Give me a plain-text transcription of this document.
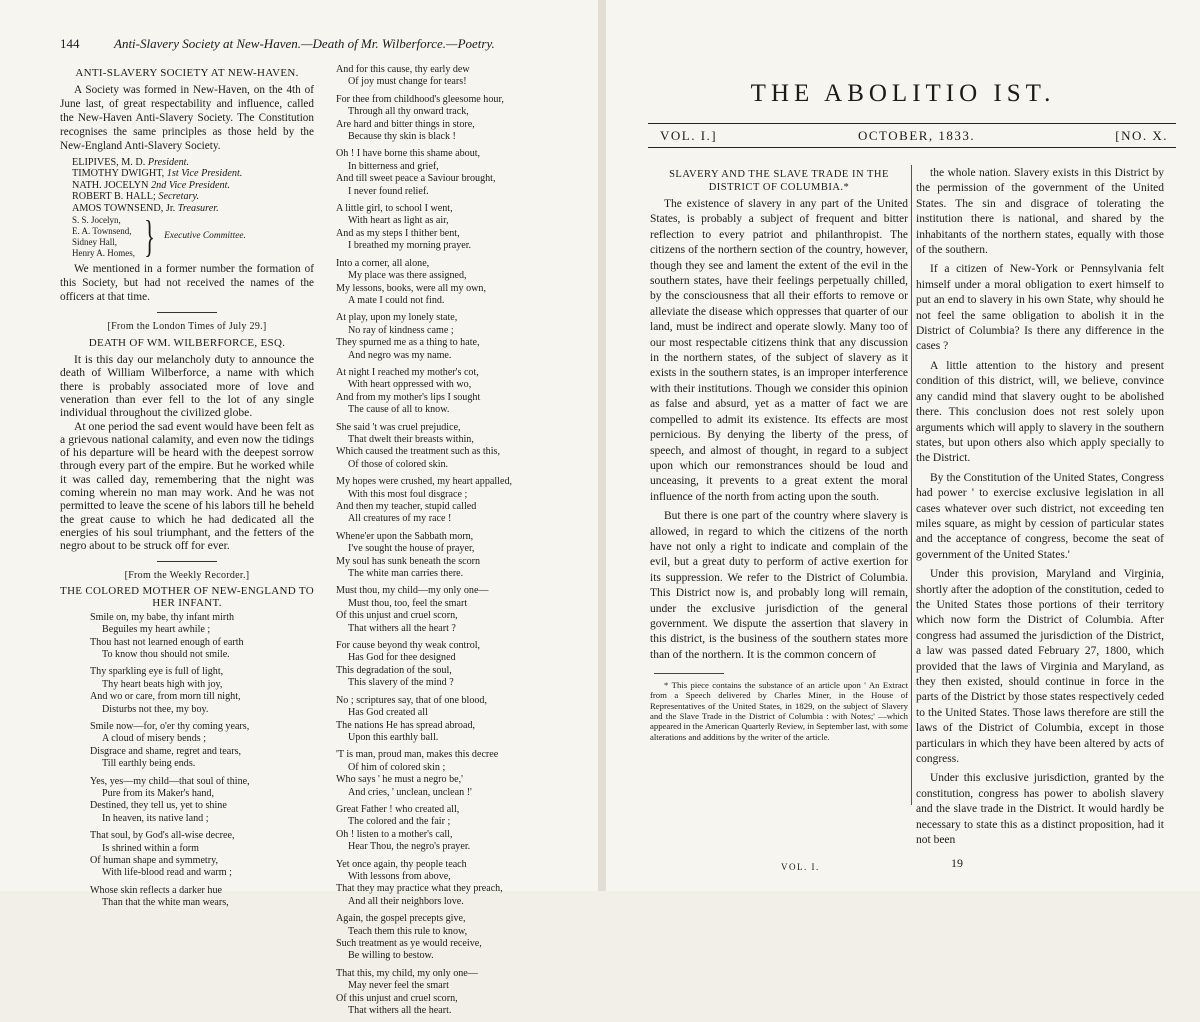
144	Anti-Slavery Society at New-Haven.—Death of Mr. Wilberforce.—Poetry.
ANTI-SLAVERY SOCIETY AT NEW-HAVEN.

A Society was formed in New-Haven, on the 4th of June last, of great respectability and influence, called the New-Haven Anti-Slavery Society. The Constitution recognises the same principles as those held by the New-England Anti-Slavery Society.

ELIPIVES, M. D. President.
TIMOTHY DWIGHT, 1st Vice President.
NATH. JOCELYN 2nd Vice President.
ROBERT B. HALL; Secretary.
AMOS TOWNSEND, Jr. Treasurer.
S. S. Jocelyn,
E. A. Townsend,
Sidney Hall,
Henry A. Homes, } Executive Committee.

We mentioned in a former number the formation of this Society, but had not received the names of the officers at that time.

[From the London Times of July 29.]
DEATH OF WM. WILBERFORCE, ESQ.

It is this day our melancholy duty to announce the death of William Wilberforce, a name with which there is probably associated more of love and veneration than ever fell to the lot of any single individual throughout the civilized globe.

At one period the sad event would have been felt as a grievous national calamity, and even now the tidings of his departure will be heard with the deepest sorrow through every part of the empire. But he worked while it was called day, remembering that the night was coming wherein no man may work. And he was not permitted to leave the scene of his labors till he beheld the great cause to which he had dedicated all the energies of his soul triumphant, and the fetters of the negro about to be struck off for ever.

[From the Weekly Recorder.]
THE COLORED MOTHER OF NEW-ENGLAND TO HER INFANT.
Smile on, my babe, thy infant mirth
Beguiles my heart awhile ;
Thou hast not learned enough of earth
To know thou should not smile.
Thy sparkling eye is full of light,
Thy heart beats high with joy,
And wo or care, from morn till night,
Disturbs not thee, my boy.
Smile now—for, o'er thy coming years,
A cloud of misery bends ;
Disgrace and shame, regret and tears,
Till earthly being ends.
Yes, yes—my child—that soul of thine,
Pure from its Maker's hand,
Destined, they tell us, yet to shine
In heaven, its native land ;
That soul, by God's all-wise decree,
Is shrined within a form
Of human shape and symmetry,
With life-blood read and warm ;
Whose skin reflects a darker hue
Than that the white man wears,
And for this cause, thy early dew
Of joy must change for tears!
For thee from childhood's gleesome hour,
Through all thy onward track,
Are hard and bitter things in store,
Because thy skin is black !
Oh ! I have borne this shame about,
In bitterness and grief,
And till sweet peace a Saviour brought,
I never found relief.
A little girl, to school I went,
With heart as light as air,
And as my steps I thither bent,
I breathed my morning prayer.
Into a corner, all alone,
My place was there assigned,
My lessons, books, were all my own,
A mate I could not find.
At play, upon my lonely state,
No ray of kindness came ;
They spurned me as a thing to hate,
And negro was my name.
At night I reached my mother's cot,
With heart oppressed with wo,
And from my mother's lips I sought
The cause of all to know.
She said 't was cruel prejudice,
That dwelt their breasts within,
Which caused the treatment such as this,
Of those of colored skin.
My hopes were crushed, my heart appalled,
With this most foul disgrace ;
And then my teacher, stupid called
All creatures of my race !
Whene'er upon the Sabbath morn,
I've sought the house of prayer,
My soul has sunk beneath the scorn
The white man carries there.
Must thou, my child—my only one—
Must thou, too, feel the smart
Of this unjust and cruel scorn,
That withers all the heart ?
For cause beyond thy weak control,
Has God for thee designed
This degradation of the soul,
This slavery of the mind ?
No ; scriptures say, that of one blood,
Has God created all
The nations He has spread abroad,
Upon this earthly ball.
'T is man, proud man, makes this decree
Of him of colored skin ;
Who says ' he must a negro be,'
And cries, ' unclean, unclean !'
Great Father ! who created all,
The colored and the fair ;
Oh ! listen to a mother's call,
Hear Thou, the negro's prayer.
Yet once again, thy people teach
With lessons from above,
That they may practice what they preach,
And all their neighbors love.
Again, the gospel precepts give,
Teach them this rule to know,
Such treatment as ye would receive,
Be willing to bestow.
That this, my child, my only one—
May never feel the smart
Of this unjust and cruel scorn,
That withers all the heart.
THE ABOLITIO IST.
VOL. I.]	OCTOBER, 1833.	[NO. X.
SLAVERY AND THE SLAVE TRADE IN THE DISTRICT OF COLUMBIA.*

The existence of slavery in any part of the United States, is probably a subject of frequent and bitter reflection to every patriot and philanthropist. The citizens of the northern section of the country, however, though they see and lament the extent of the evil in the southern states, have their feelings perpetually chilled, by the consciousness that all their efforts to remove or alleviate the disease which oppresses that quarter of our land, must be indirect and operate slowly. Many too of our most respectable citizens think that any discussion in the northern states, of the subject of slavery as it exists in the southern states, is an improper interference with their institutions. Though we consider this opinion as false and absurd, yet as a matter of fact we are compelled to admit its existence. Its effects are most pernicious. By denying the liberty of the press, of speech, and almost of thought, in regard to a subject upon which our remonstrances should be loud and unceasing, it prevents to a great extent the moral influence of the north from acting upon the south.

But there is one part of the country where slavery is allowed, in regard to which the citizens of the north have not only a right to indicate and complain of the evil, but a great duty to perform of active exertion for its suppression. We refer to the District of Columbia. This District now is, and probably long will remain, under the exclusive jurisdiction of the general government. We dispute the assertion that slavery in this district, is the business of the southern states more than of the northern. It is the common concern of

* This piece contains the substance of an article upon ' An Extract from a Speech delivered by Charles Miner, in the House of Representatives of the United States, in 1829, on the subject of Slavery and the Slave Trade in the District of Columbia : with Notes;' —which appeared in the American Quarterly Review, in September last, with some alterations and additions by the writer of the article.

the whole nation. Slavery exists in this District by the permission of the government of the United States. The sin and disgrace of tolerating the institution there is national, and shared by the inhabitants of the northern states, equally with those of the southern.

If a citizen of New-York or Pennsylvania felt himself under a moral obligation to exert himself to put an end to slavery in his own State, why should he not feel the same obligation to abolish it in the District of Columbia? Is there any difference in the cases ?

A little attention to the history and present condition of this district, will, we believe, convince any candid mind that slavery ought to be abolished there. This conclusion does not rest solely upon arguments which will apply to slavery in the southern states, but upon others also which apply specially to the District.

By the Constitution of the United States, Congress had power ' to exercise exclusive legislation in all cases whatever over such district, not exceeding ten miles square, as might by cession of particular states and the acceptance of congress, become the seat of government of the United States.'

Under this provision, Maryland and Virginia, shortly after the adoption of the constitution, ceded to the United States those portions of their territory which now form the District of Columbia. After congress had assumed the jurisdiction of the District, a law was passed dated February 27, 1800, which provided that the laws of Virginia and Maryland, as they then existed, should continue in force in the parts of the District by those states respectively ceded to the United States. Those laws therefore are still the laws of the District of Columbia, except in those particulars in which they have been altered by acts of congress.

Under this exclusive jurisdiction, granted by the constitution, congress has power to abolish slavery and the slave trade in the District. It would hardly be necessary to state this as a distinct proposition, had it not been

VOL. I.	19
